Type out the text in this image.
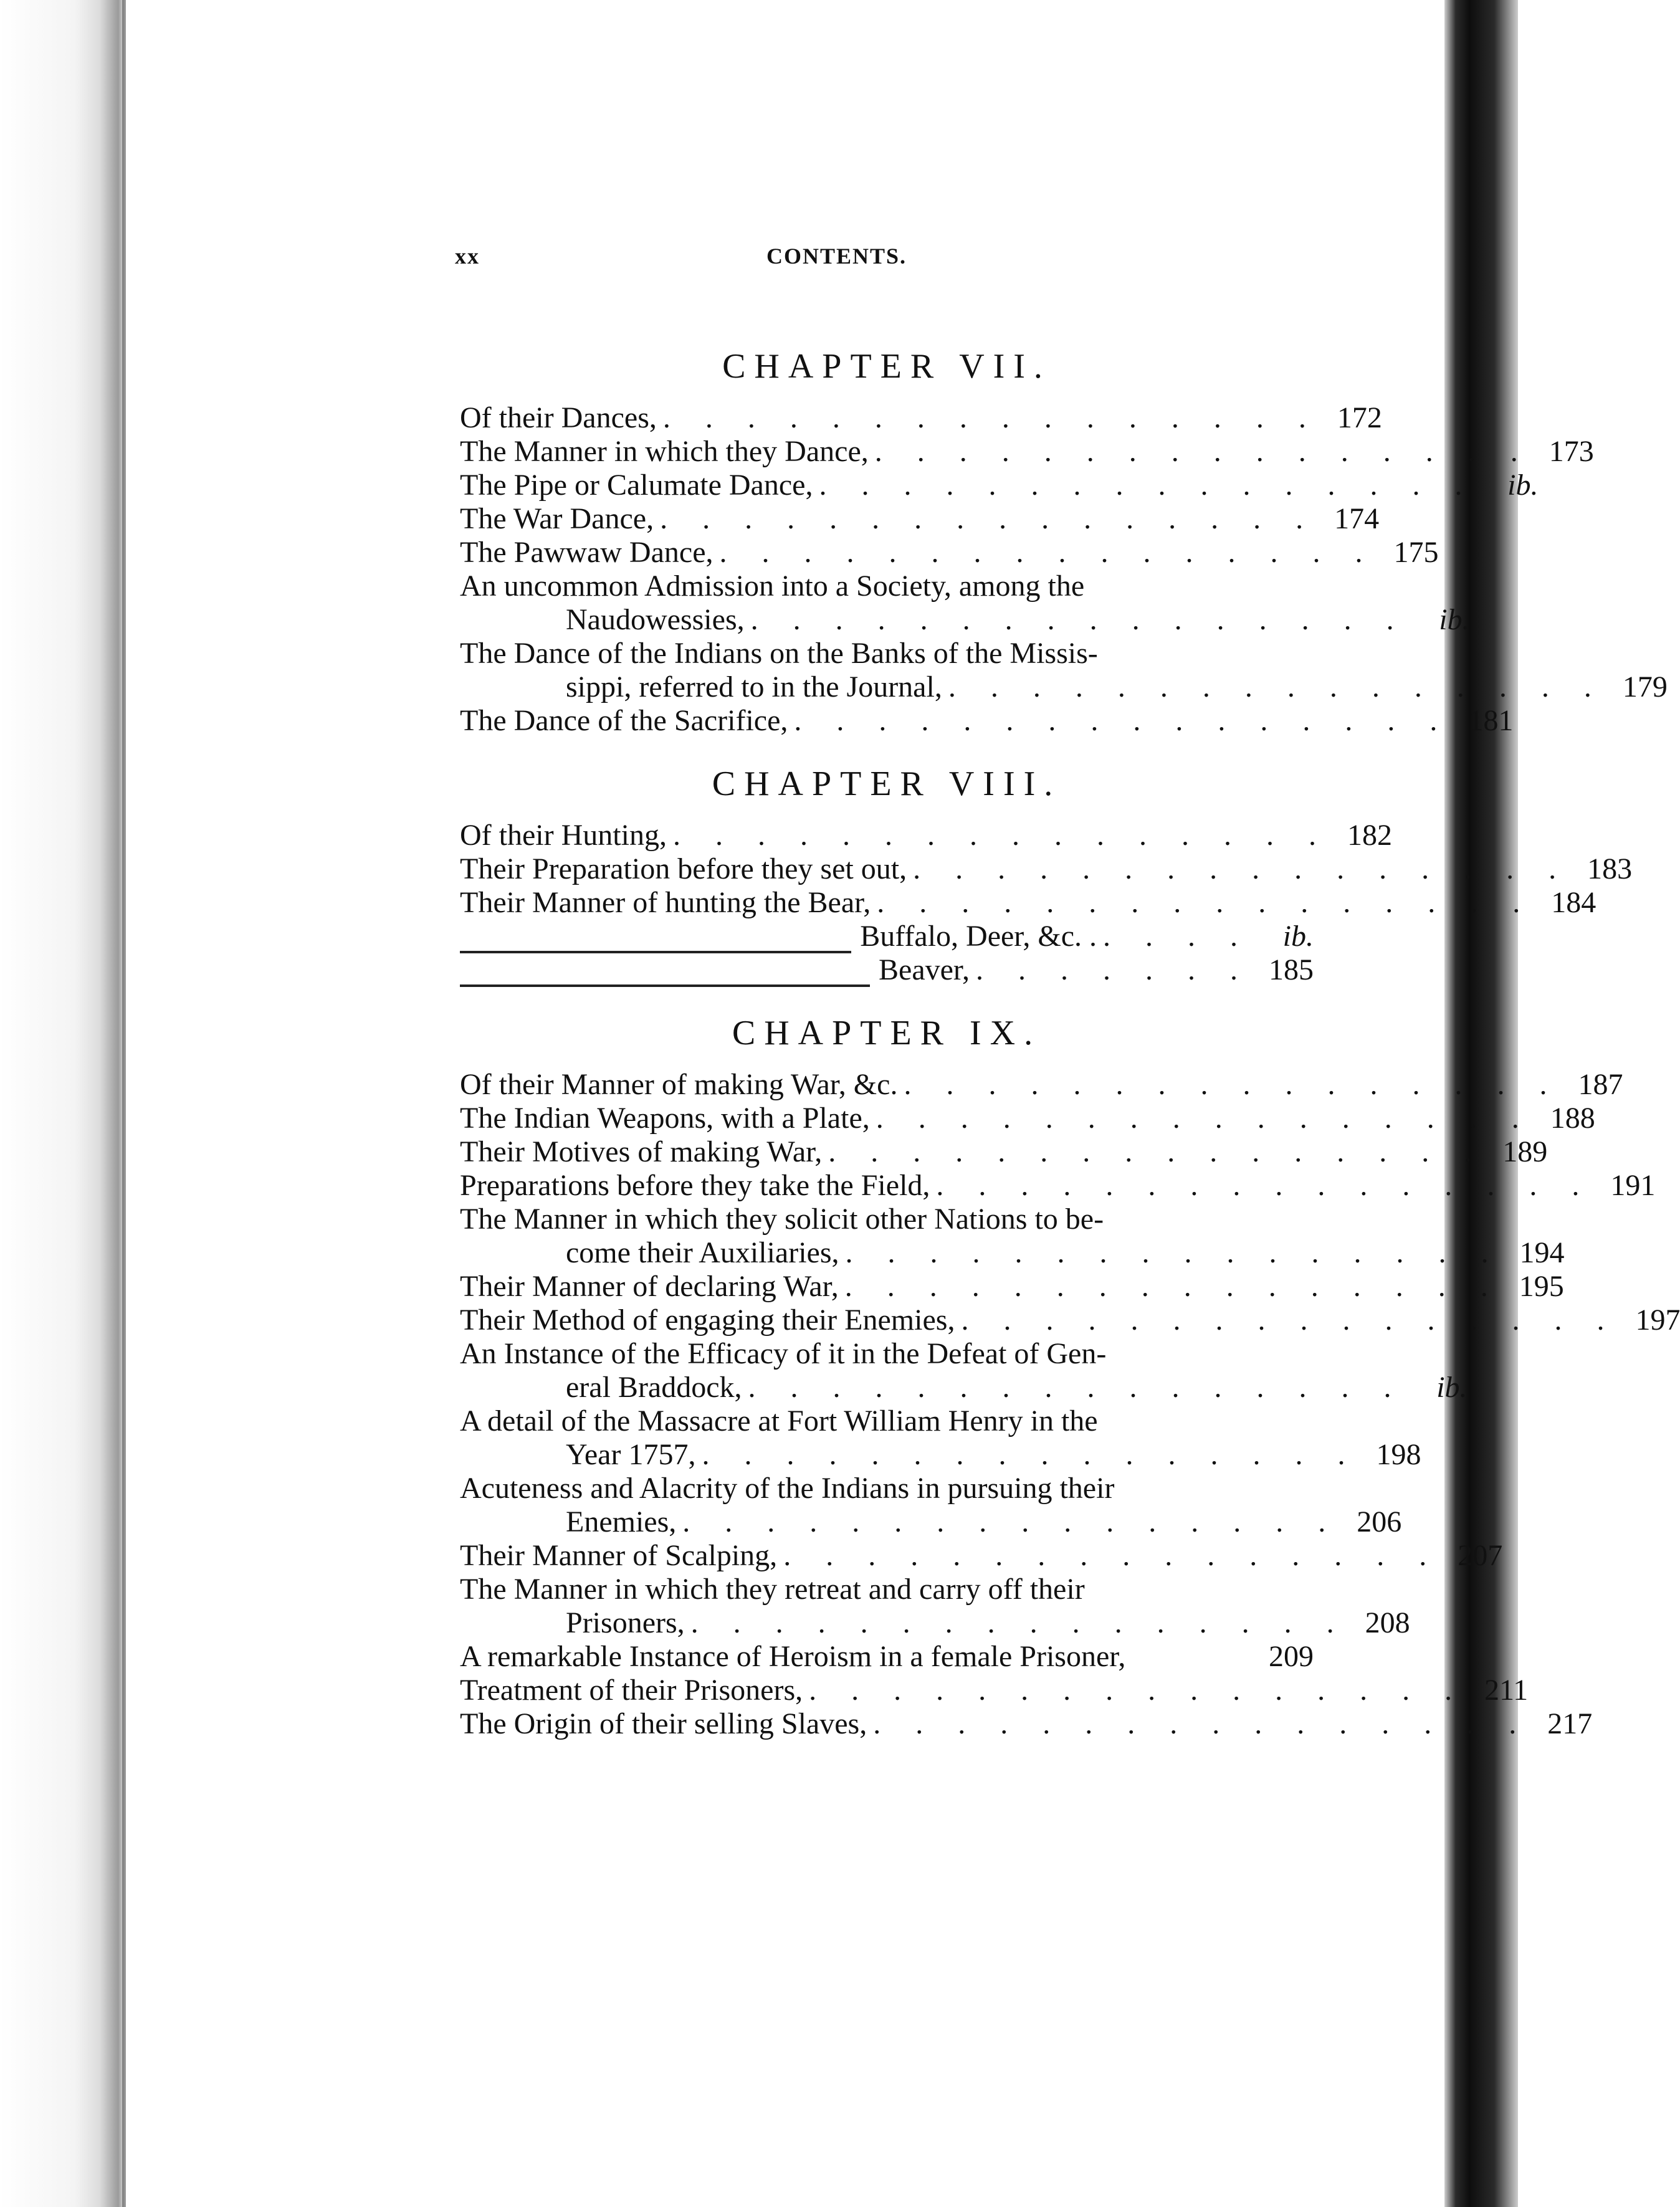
xx	CONTENTS.
CHAPTER VII.
Of their Dances, . . . . . . . . . . . . . . . . 172
The Manner in which they Dance, . . . . . . . . . . . . . . . . 173
The Pipe or Calumate Dance, . . . . . . . . . . . . . . . .	ib.
The War Dance, . . . . . . . . . . . . . . . . 174
The Pawwaw Dance, . . . . . . . . . . . . . . . . 175
An uncommon Admission into a Society, among the
Naudowessies, . . . . . . . . . . . . . . . .	ib.
The Dance of the Indians on the Banks of the Missis-
sippi, referred to in the Journal, . . . . . . . . . . . . . . . . 179
The Dance of the Sacrifice, . . . . . . . . . . . . . . . . 181
CHAPTER VIII.
Of their Hunting, . . . . . . . . . . . . . . . . 182
Their Preparation before they set out, . . . . . . . . . . . . . . . . 183
Their Manner of hunting the Bear, . . . . . . . . . . . . . . . . 184
Buffalo, Deer, &c. . . . . .	ib.
Beaver, . . . . . . . 185
CHAPTER IX.
Of their Manner of making War, &c. . . . . . . . . . . . . . . . . 187
The Indian Weapons, with a Plate, . . . . . . . . . . . . . . . . 188
Their Motives of making War, . . . . . . . . . . . . . . . . 189
Preparations before they take the Field, . . . . . . . . . . . . . . . . 191
The Manner in which they solicit other Nations to be-
come their Auxiliaries, . . . . . . . . . . . . . . . . 194
Their Manner of declaring War, . . . . . . . . . . . . . . . . 195
Their Method of engaging their Enemies, . . . . . . . . . . . . . . . . 197
An Instance of the Efficacy of it in the Defeat of Gen-
eral Braddock, . . . . . . . . . . . . . . . .	ib.
A detail of the Massacre at Fort William Henry in the
Year 1757, . . . . . . . . . . . . . . . . 198
Acuteness and Alacrity of the Indians in pursuing their
Enemies, . . . . . . . . . . . . . . . . 206
Their Manner of Scalping, . . . . . . . . . . . . . . . . 207
The Manner in which they retreat and carry off their
Prisoners, . . . . . . . . . . . . . . . . 208
A remarkable Instance of Heroism in a female Prisoner,	209
Treatment of their Prisoners, . . . . . . . . . . . . . . . . 211
The Origin of their selling Slaves, . . . . . . . . . . . . . . . . 217
